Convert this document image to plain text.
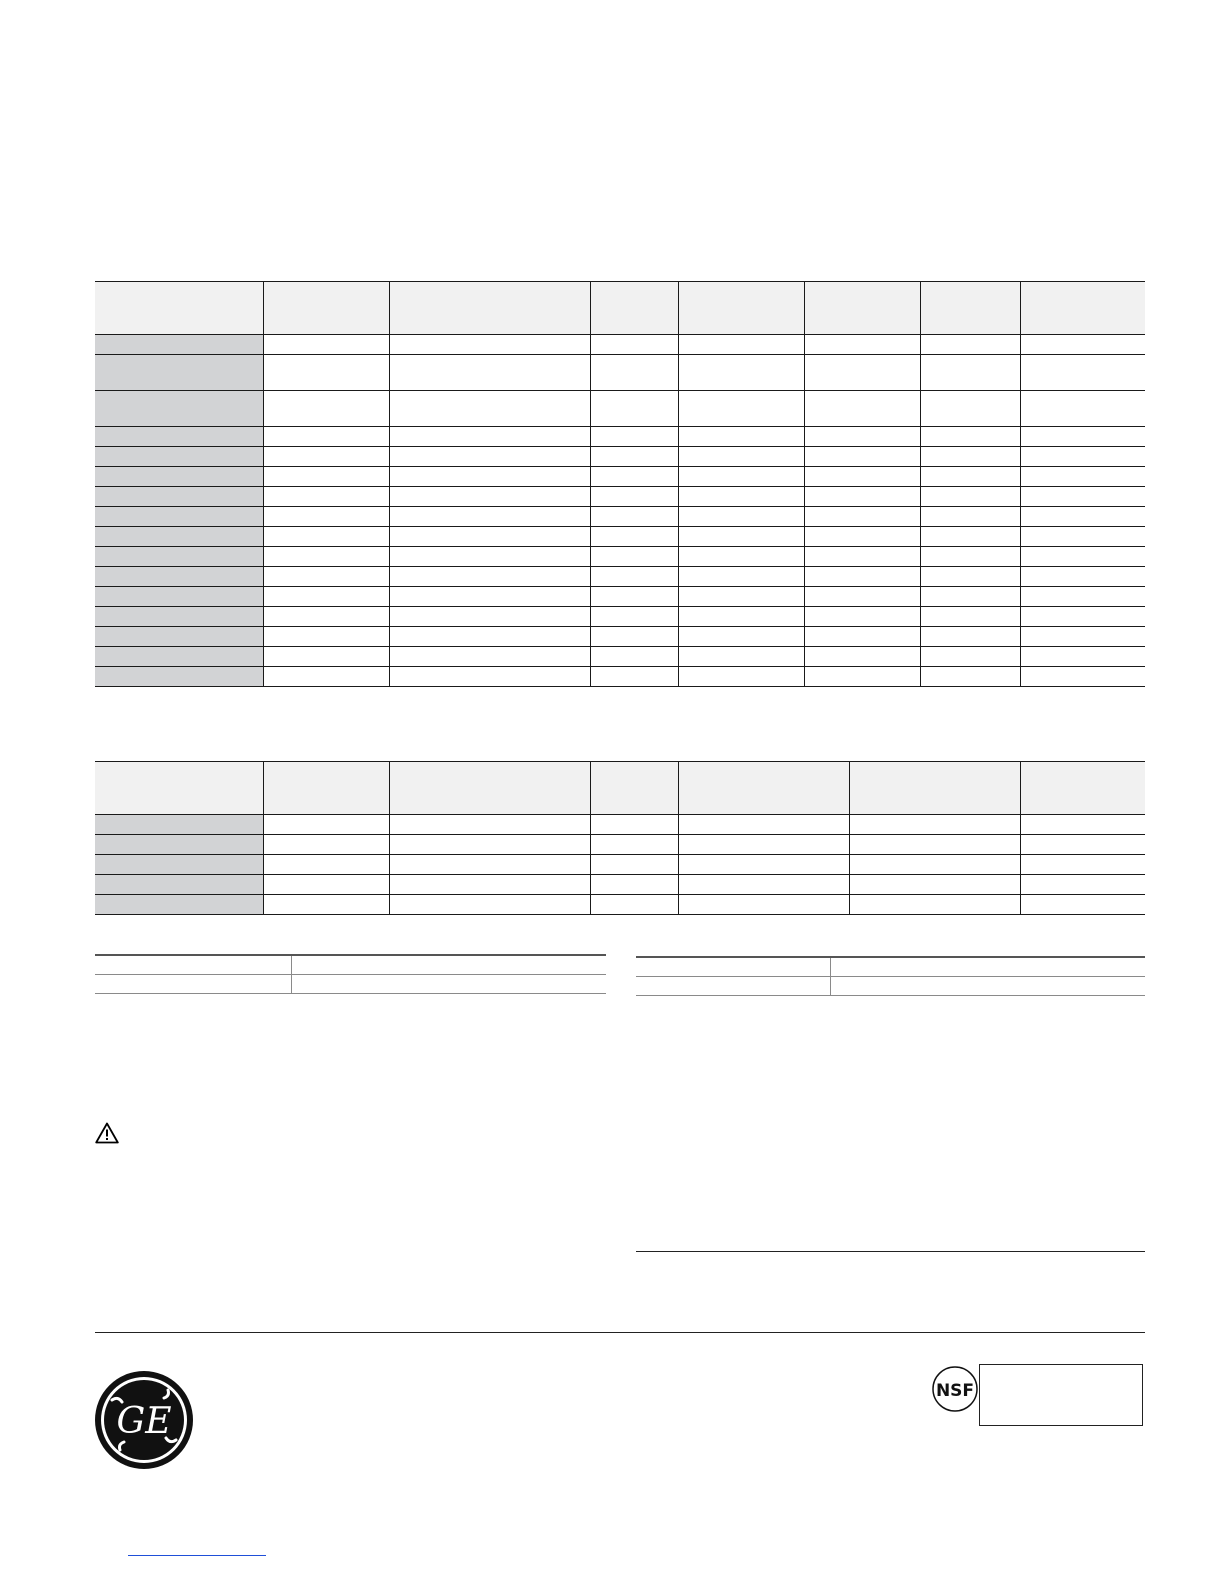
GE
NSF
